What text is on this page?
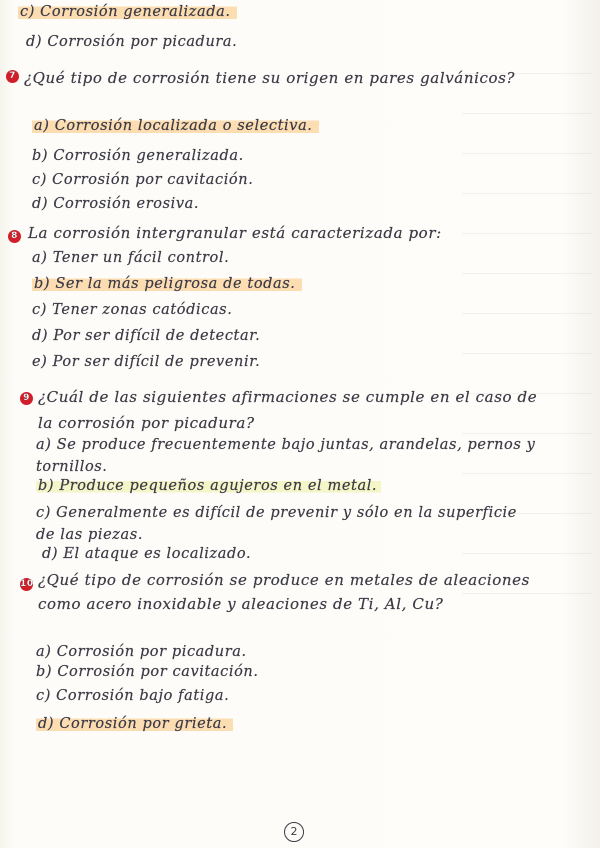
c) Corrosión generalizada.
d) Corrosión por picadura.
7 ¿Qué tipo de corrosión tiene su origen en pares galvánicos?
a) Corrosión localizada o selectiva.
b) Corrosión generalizada.
c) Corrosión por cavitación.
d) Corrosión erosiva.
8 La corrosión intergranular está caracterizada por:
a) Tener un fácil control.
b) Ser la más peligrosa de todas.
c) Tener zonas catódicas.
d) Por ser difícil de detectar.
e) Por ser difícil de prevenir.
9 ¿Cuál de las siguientes afirmaciones se cumple en el caso de la corrosión por picadura?
a) Se produce frecuentemente bajo juntas, arandelas, pernos y tornillos.
b) Produce pequeños agujeros en el metal.
c) Generalmente es difícil de prevenir y sólo en la superficie de las piezas.
d) El ataque es localizado.
10 ¿Qué tipo de corrosión se produce en metales de aleaciones como acero inoxidable y aleaciones de Ti, Al, Cu?
a) Corrosión por picadura.
b) Corrosión por cavitación.
c) Corrosión bajo fatiga.
d) Corrosión por grieta.
2
